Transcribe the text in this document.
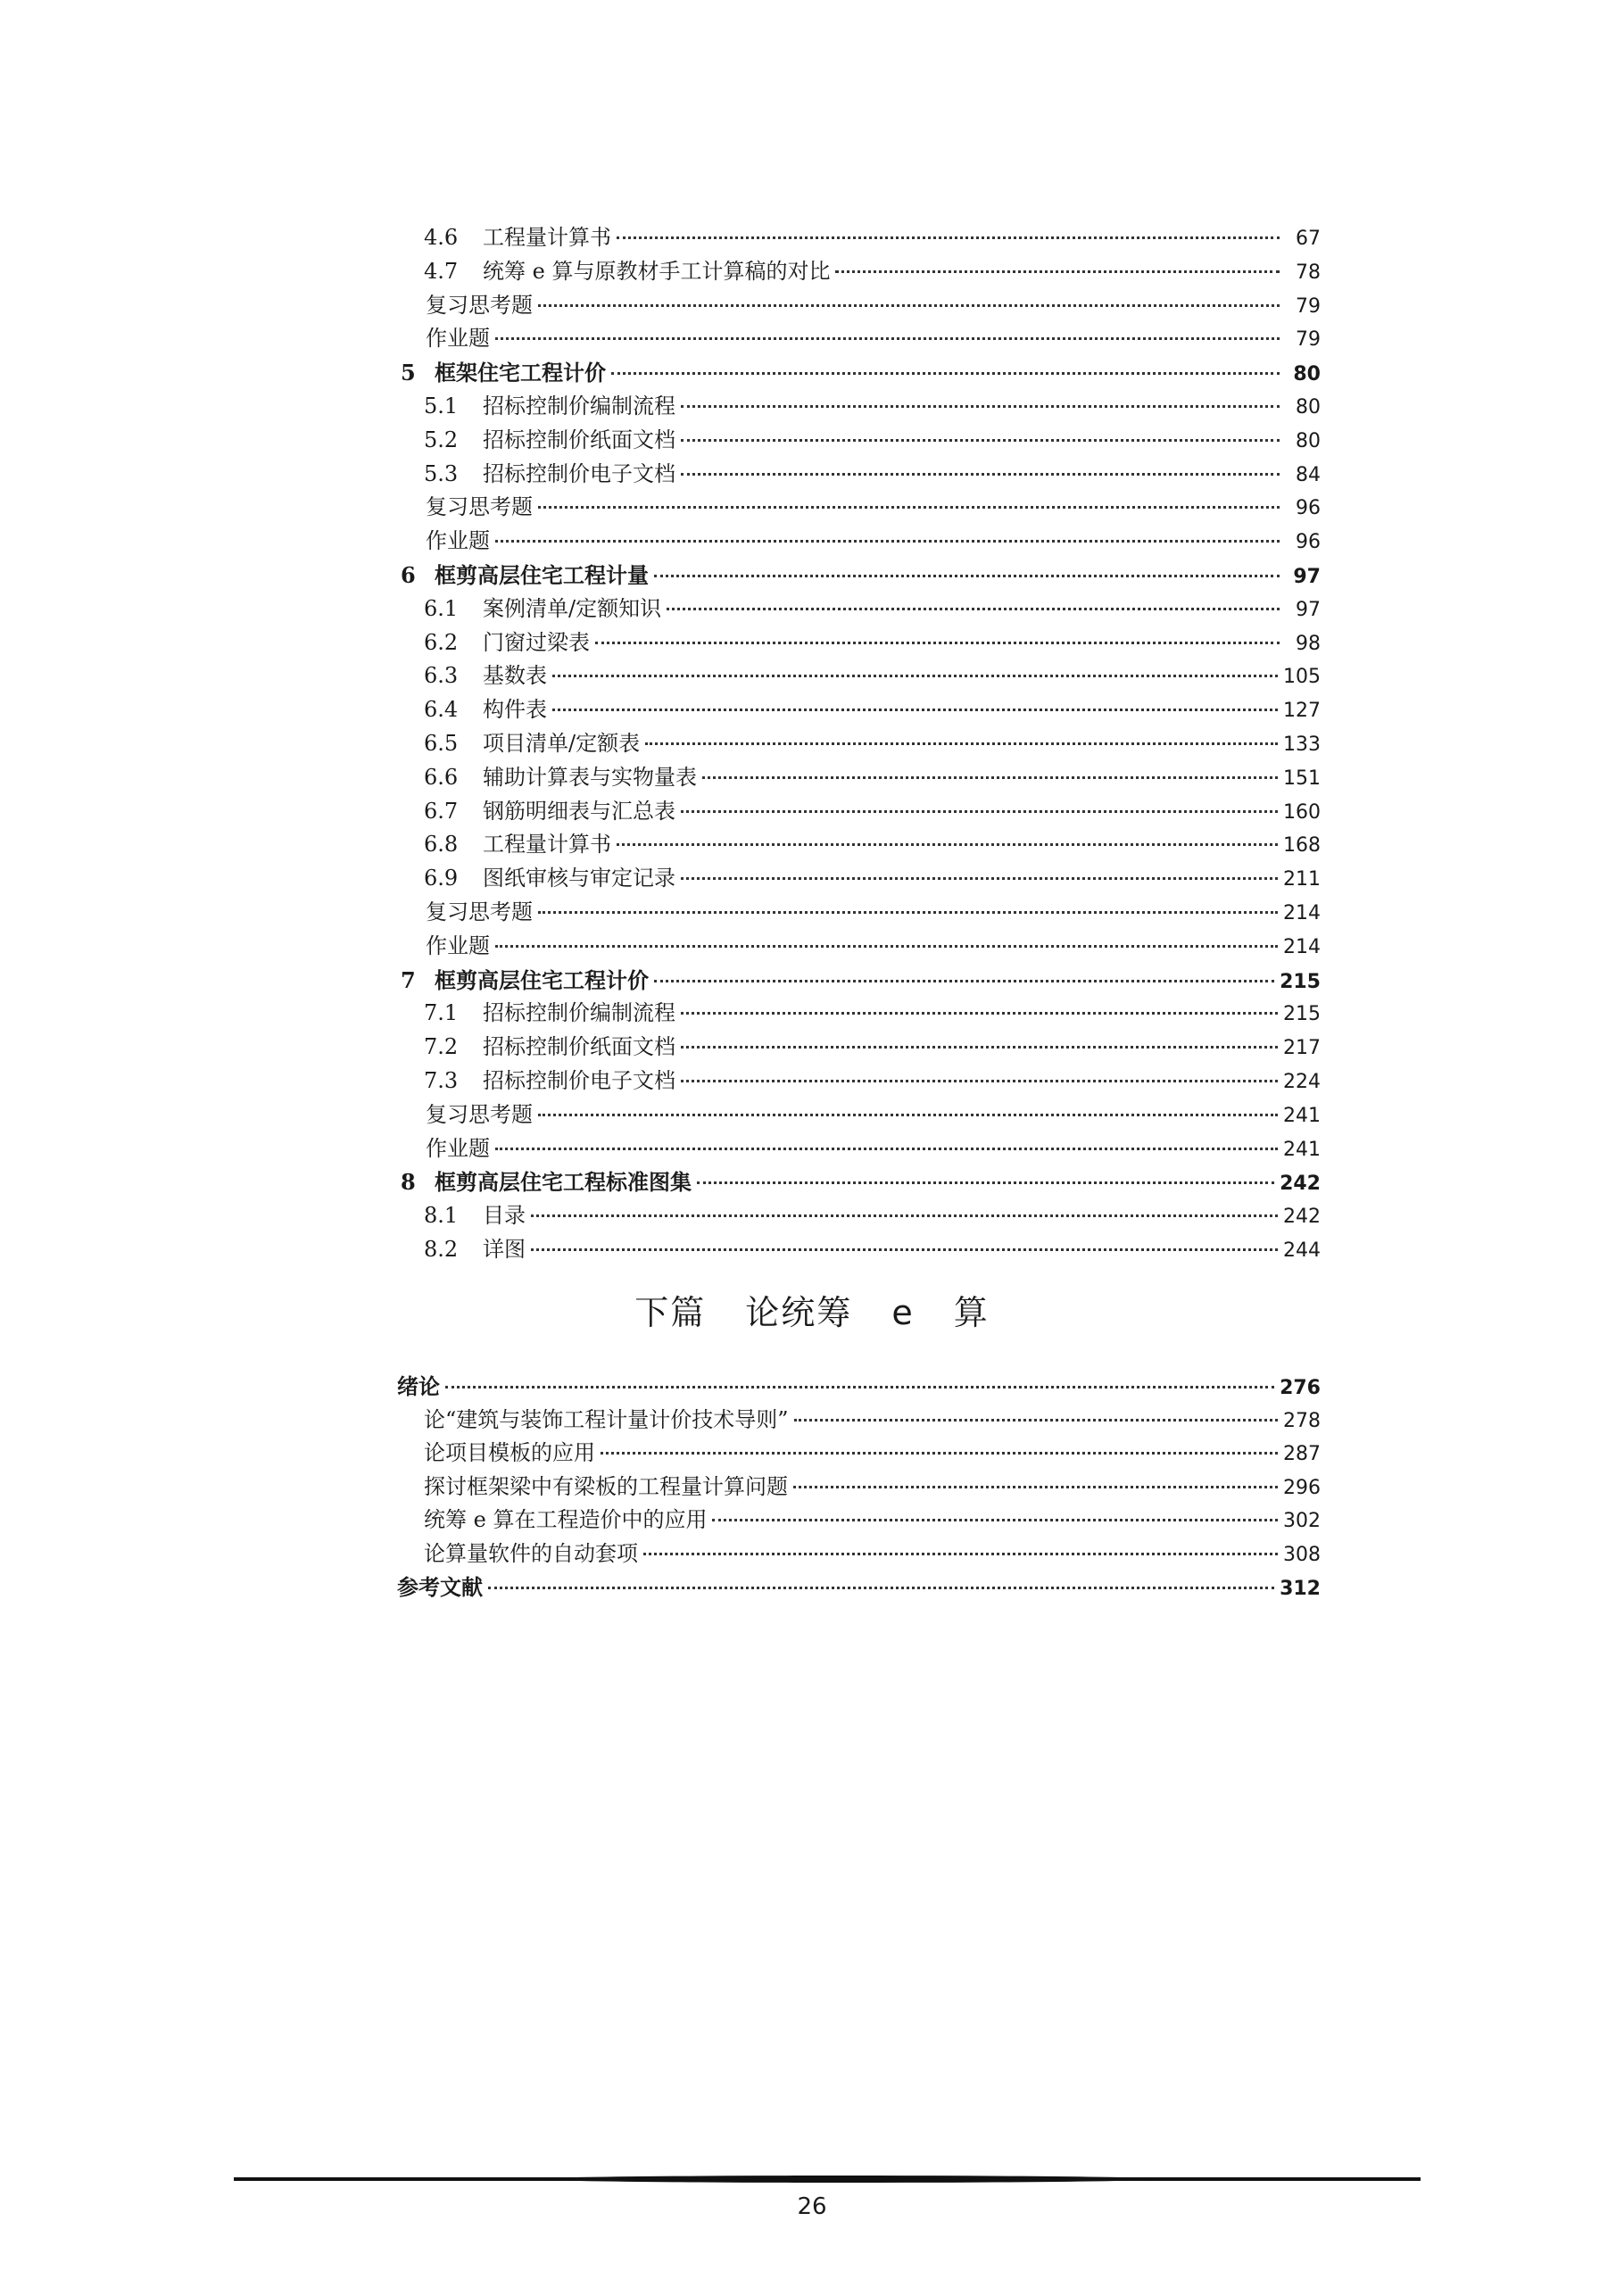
4.6	工程量计算书	67
4.7	统筹 e 算与原教材手工计算稿的对比	78
复习思考题	79
作业题	79
5 框架住宅工程计价	80
5.1	招标控制价编制流程	80
5.2	招标控制价纸面文档	80
5.3	招标控制价电子文档	84
复习思考题	96
作业题	96
6 框剪高层住宅工程计量	97
6.1	案例清单/定额知识	97
6.2	门窗过梁表	98
6.3	基数表	105
6.4	构件表	127
6.5	项目清单/定额表	133
6.6	辅助计算表与实物量表	151
6.7	钢筋明细表与汇总表	160
6.8	工程量计算书	168
6.9	图纸审核与审定记录	211
复习思考题	214
作业题	214
7 框剪高层住宅工程计价	215
7.1	招标控制价编制流程	215
7.2	招标控制价纸面文档	217
7.3	招标控制价电子文档	224
复习思考题	241
作业题	241
8 框剪高层住宅工程标准图集	242
8.1	目录	242
8.2	详图	244
下篇 论统筹 e 算
绪论	276
论“建筑与装饰工程计量计价技术导则”	278
论项目模板的应用	287
探讨框架梁中有梁板的工程量计算问题	296
统筹 e 算在工程造价中的应用	302
论算量软件的自动套项	308
参考文献	312
26
